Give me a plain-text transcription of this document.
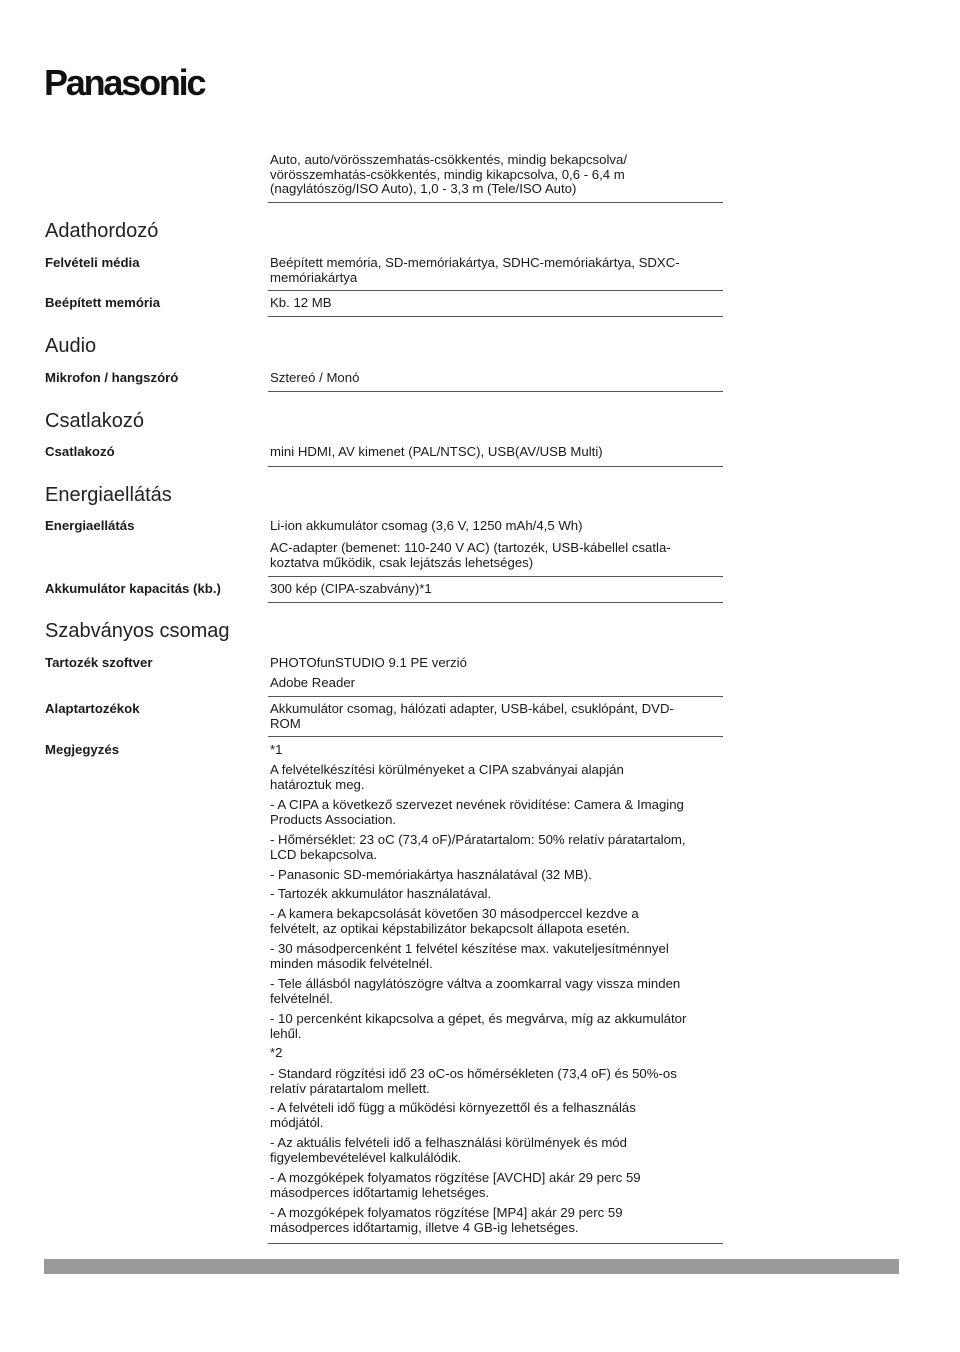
Panasonic
Auto, auto/vörösszemhatás-csökkentés, mindig bekapcsolva/
vörösszemhatás-csökkentés, mindig kikapcsolva, 0,6 - 6,4 m
(nagylátószög/ISO Auto), 1,0 - 3,3 m (Tele/ISO Auto)
Adathordozó
Felvételi média	Beépített memória, SD-memóriakártya, SDHC-memóriakártya, SDXC-
memóriakártya
Beépített memória	Kb. 12 MB
Audio
Mikrofon / hangszóró	Sztereó / Monó
Csatlakozó
Csatlakozó	mini HDMI, AV kimenet (PAL/NTSC), USB(AV/USB Multi)
Energiaellátás
Energiaellátás	Li-ion akkumulátor csomag (3,6 V, 1250 mAh/4,5 Wh)
AC-adapter (bemenet: 110-240 V AC) (tartozék, USB-kábellel csatla-
koztatva működik, csak lejátszás lehetséges)
Akkumulátor kapacitás (kb.)	300 kép (CIPA-szabvány)*1
Szabványos csomag
Tartozék szoftver	PHOTOfunSTUDIO 9.1 PE verzió
Adobe Reader
Alaptartozékok	Akkumulátor csomag, hálózati adapter, USB-kábel, csuklópánt, DVD-
ROM
Megjegyzés	*1
A felvételkészítési körülményeket a CIPA szabványai alapján
határoztuk meg.
- A CIPA a következő szervezet nevének rövidítése: Camera & Imaging
Products Association.
- Hőmérséklet: 23 oC (73,4 oF)/Páratartalom: 50% relatív páratartalom,
LCD bekapcsolva.
- Panasonic SD-memóriakártya használatával (32 MB).
- Tartozék akkumulátor használatával.
- A kamera bekapcsolását követően 30 másodperccel kezdve a
felvételt, az optikai képstabilizátor bekapcsolt állapota esetén.
- 30 másodpercenként 1 felvétel készítése max. vakuteljesítménnyel
minden második felvételnél.
- Tele állásból nagylátószögre váltva a zoomkarral vagy vissza minden
felvételnél.
- 10 percenként kikapcsolva a gépet, és megvárva, míg az akkumulátor
lehűl.
*2
- Standard rögzítési idő 23 oC-os hőmérsékleten (73,4 oF) és 50%-os
relatív páratartalom mellett.
- A felvételi idő függ a működési környezettől és a felhasználás
módjától.
- Az aktuális felvételi idő a felhasználási körülmények és mód
figyelembevételével kalkulálódik.
- A mozgóképek folyamatos rögzítése [AVCHD] akár 29 perc 59
másodperces időtartamig lehetséges.
- A mozgóképek folyamatos rögzítése [MP4] akár 29 perc 59
másodperces időtartamig, illetve 4 GB-ig lehetséges.
